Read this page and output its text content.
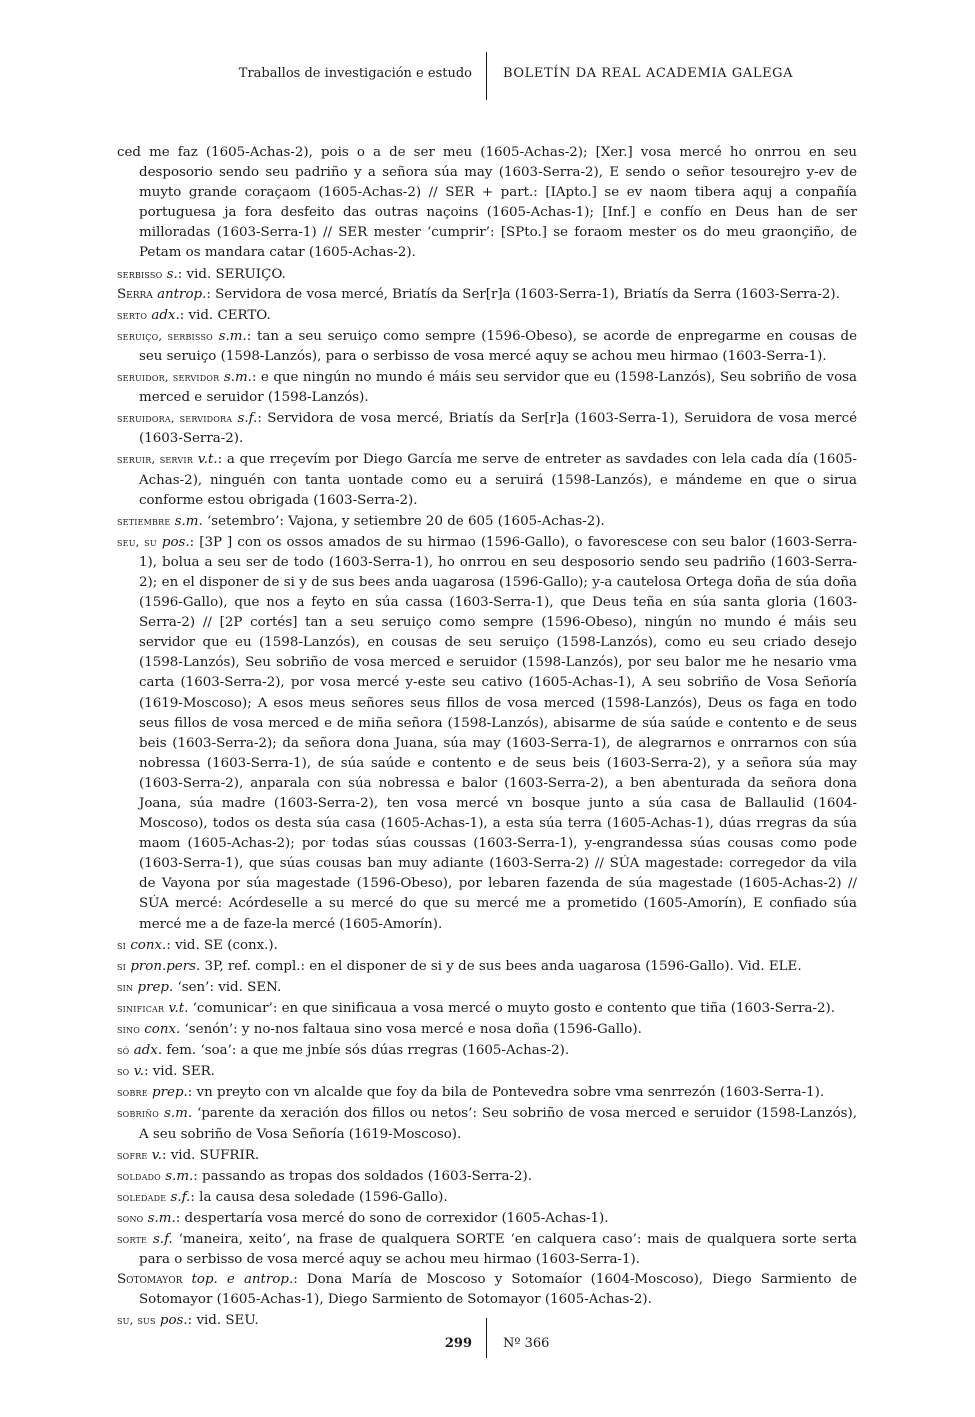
Traballos de investigación e estudo BOLETÍN DA REAL ACADEMIA GALEGA

ced me faz (1605-Achas-2), pois o a de ser meu (1605-Achas-2); [Xer.] vosa mercé ho onrrou en seu desposorio sendo seu padriño y a señora súa may (1603-Serra-2), E sendo o señor tesourejro y-ev de muyto grande coraçaom (1605-Achas-2) // SER + part.: [IApto.] se ev naom tibera aquj a conpañía portuguesa ja fora desfeito das outras naçoins (1605-Achas-1); [Inf.] e confío en Deus han de ser milloradas (1603-Serra-1) // SER mester ‘cumprir’: [SPto.] se foraom mester os do meu graonçiño, de Petam os mandara catar (1605-Achas-2).

serbisso s.: vid. SERUIÇO.

Serra antrop.: Servidora de vosa mercé, Briatís da Ser[r]a (1603-Serra-1), Briatís da Serra (1603-Serra-2).

serto adx.: vid. CERTO.

seruiço, serbisso s.m.: tan a seu seruiço como sempre (1596-Obeso), se acorde de enpregarme en cousas de seu seruiço (1598-Lanzós), para o serbisso de vosa mercé aquy se achou meu hirmao (1603-Serra-1).

seruidor, servidor s.m.: e que ningún no mundo é máis seu servidor que eu (1598-Lanzós), Seu sobriño de vosa merced e seruidor (1598-Lanzós).

seruidora, servidora s.f.: Servidora de vosa mercé, Briatís da Ser[r]a (1603-Serra-1), Seruidora de vosa mercé (1603-Serra-2).

seruir, servir v.t.: a que rreçevím por Diego García me serve de entreter as savdades con lela cada día (1605-Achas-2), ninguén con tanta uontade como eu a seruirá (1598-Lanzós), e mándeme en que o sirua conforme estou obrigada (1603-Serra-2).

setiembre s.m. ‘setembro’: Vajona, y setiembre 20 de 605 (1605-Achas-2).

seu, su pos.: [3P ] con os ossos amados de su hirmao (1596-Gallo), o favorescese con seu balor (1603-Serra-1), bolua a seu ser de todo (1603-Serra-1), ho onrrou en seu desposorio sendo seu padriño (1603-Serra-2); en el disponer de si y de sus bees anda uagarosa (1596-Gallo); y-a cautelosa Ortega doña de súa doña (1596-Gallo), que nos a feyto en súa cassa (1603-Serra-1), que Deus teña en súa santa gloria (1603-Serra-2) // [2P cortés] tan a seu seruiço como sempre (1596-Obeso), ningún no mundo é máis seu servidor que eu (1598-Lanzós), en cousas de seu seruiço (1598-Lanzós), como eu seu criado desejo (1598-Lanzós), Seu sobriño de vosa merced e seruidor (1598-Lanzós), por seu balor me he nesario vma carta (1603-Serra-2), por vosa mercé y-este seu cativo (1605-Achas-1), A seu sobriño de Vosa Señoría (1619-Moscoso); A esos meus señores seus fillos de vosa merced (1598-Lanzós), Deus os faga en todo seus fillos de vosa merced e de miña señora (1598-Lanzós), abisarme de súa saúde e contento e de seus beis (1603-Serra-2); da señora dona Juana, súa may (1603-Serra-1), de alegrarnos e onrrarnos con súa nobressa (1603-Serra-1), de súa saúde e contento e de seus beis (1603-Serra-2), y a señora súa may (1603-Serra-2), anparala con súa nobressa e balor (1603-Serra-2), a ben abenturada da señora dona Joana, súa madre (1603-Serra-2), ten vosa mercé vn bosque junto a súa casa de Ballaulid (1604-Moscoso), todos os desta súa casa (1605-Achas-1), a esta súa terra (1605-Achas-1), dúas rregras da súa maom (1605-Achas-2); por todas súas coussas (1603-Serra-1), y-engrandessa súas cousas como pode (1603-Serra-1), que súas cousas ban muy adiante (1603-Serra-2) // SÚA magestade: corregedor da vila de Vayona por súa magestade (1596-Obeso), por lebaren fazenda de súa magestade (1605-Achas-2) // SÚA mercé: Acórdeselle a su mercé do que su mercé me a prometido (1605-Amorín), E confiado súa mercé me a de faze-la mercé (1605-Amorín).

si conx.: vid. SE (conx.).

si pron.pers. 3P, ref. compl.: en el disponer de si y de sus bees anda uagarosa (1596-Gallo). Vid. ELE.

sin prep. ‘sen’: vid. SEN.

sinificar v.t. ‘comunicar’: en que sinificaua a vosa mercé o muyto gosto e contento que tiña (1603-Serra-2).

sino conx. ‘senón’: y no-nos faltaua sino vosa mercé e nosa doña (1596-Gallo).

só adx. fem. ‘soa’: a que me jnbíe sós dúas rregras (1605-Achas-2).

so v.: vid. SER.

sobre prep.: vn preyto con vn alcalde que foy da bila de Pontevedra sobre vma senrrezón (1603-Serra-1).

sobriño s.m. ‘parente da xeración dos fillos ou netos’: Seu sobriño de vosa merced e seruidor (1598-Lanzós), A seu sobriño de Vosa Señoría (1619-Moscoso).

sofre v.: vid. SUFRIR.

soldado s.m.: passando as tropas dos soldados (1603-Serra-2).

soledade s.f.: la causa desa soledade (1596-Gallo).

sono s.m.: despertaría vosa mercé do sono de correxidor (1605-Achas-1).

sorte s.f. ‘maneira, xeito’, na frase de qualquera SORTE ‘en calquera caso’: mais de qualquera sorte serta para o serbisso de vosa mercé aquy se achou meu hirmao (1603-Serra-1).

Sotomayor top. e antrop.: Dona María de Moscoso y Sotomaíor (1604-Moscoso), Diego Sarmiento de Sotomayor (1605-Achas-1), Diego Sarmiento de Sotomayor (1605-Achas-2).

su, sus pos.: vid. SEU.

299 Nº 366
